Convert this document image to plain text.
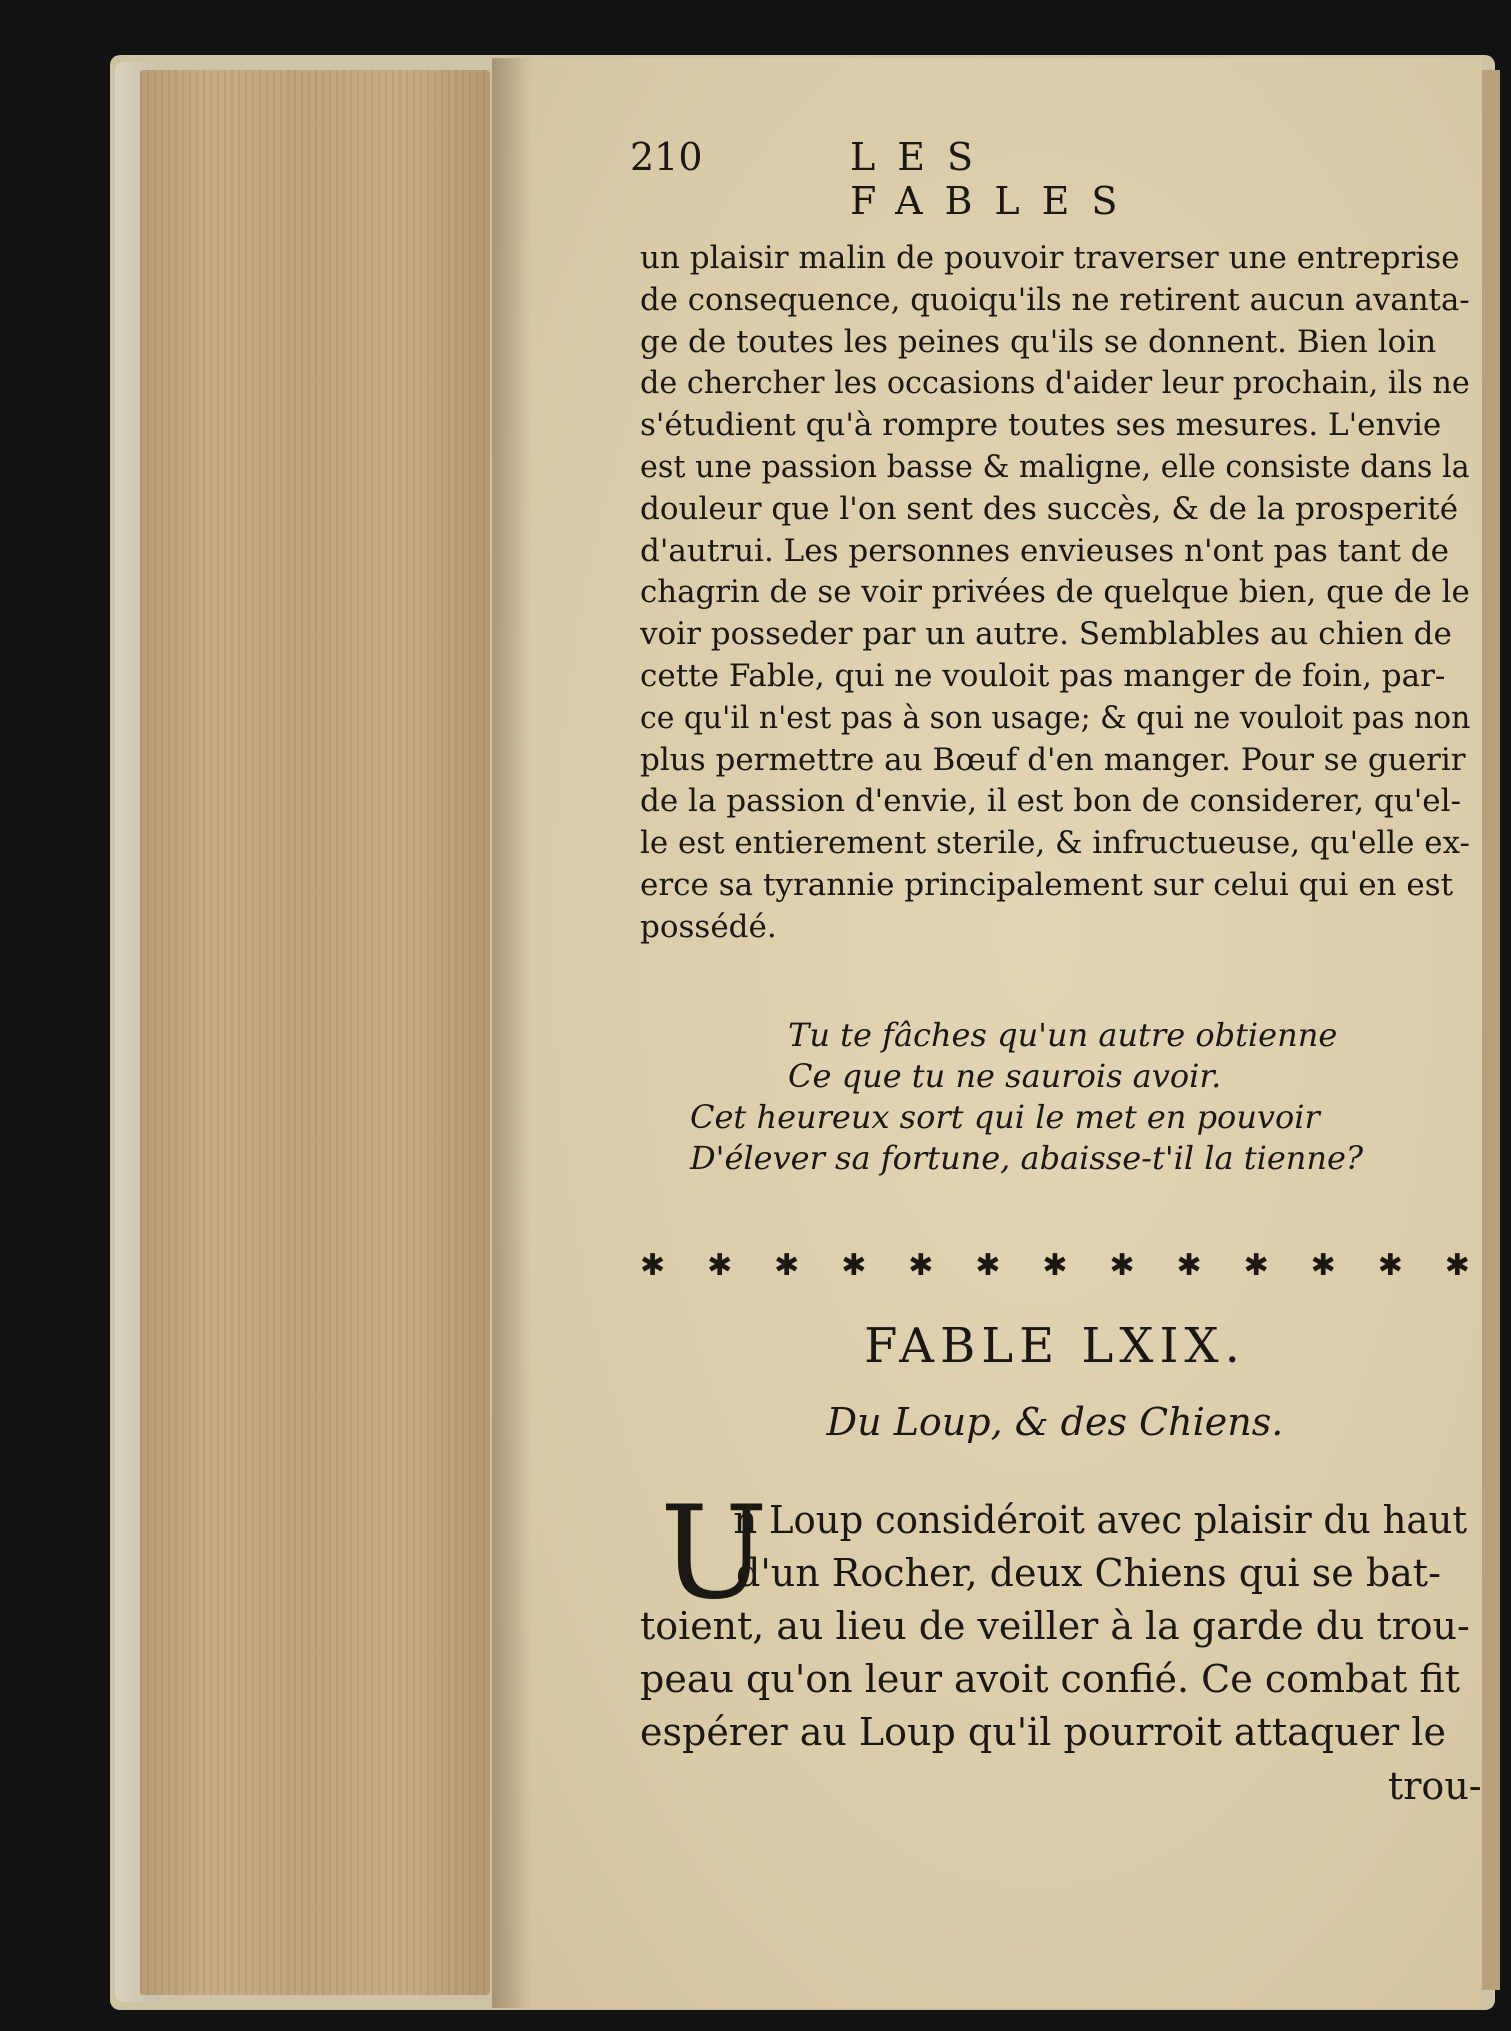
210	LES FABLES
un plaisir malin de pouvoir traverser une entreprise
de consequence, quoiqu'ils ne retirent aucun avanta-
ge de toutes les peines qu'ils se donnent. Bien loin
de chercher les occasions d'aider leur prochain, ils ne
s'étudient qu'à rompre toutes ses mesures. L'envie
est une passion basse & maligne, elle consiste dans la
douleur que l'on sent des succès, & de la prosperité
d'autrui. Les personnes envieuses n'ont pas tant de
chagrin de se voir privées de quelque bien, que de le
voir posseder par un autre. Semblables au chien de
cette Fable, qui ne vouloit pas manger de foin, par-
ce qu'il n'est pas à son usage; & qui ne vouloit pas non
plus permettre au Bœuf d'en manger. Pour se guerir
de la passion d'envie, il est bon de considerer, qu'el-
le est entierement sterile, & infructueuse, qu'elle ex-
erce sa tyrannie principalement sur celui qui en est
possédé.
Tu te fâches qu'un autre obtienne
Ce que tu ne saurois avoir.
Cet heureux sort qui le met en pouvoir
D'élever sa fortune, abaisse-t'il la tienne?
✱ ✱ ✱ ✱ ✱ ✱ ✱ ✱ ✱ ✱ ✱ ✱ ✱
FABLE LXIX.
Du Loup, & des Chiens.
U
n Loup considéroit avec plaisir du haut
d'un Rocher, deux Chiens qui se bat-
toient, au lieu de veiller à la garde du trou-
peau qu'on leur avoit confié. Ce combat fit
espérer au Loup qu'il pourroit attaquer le
trou-
